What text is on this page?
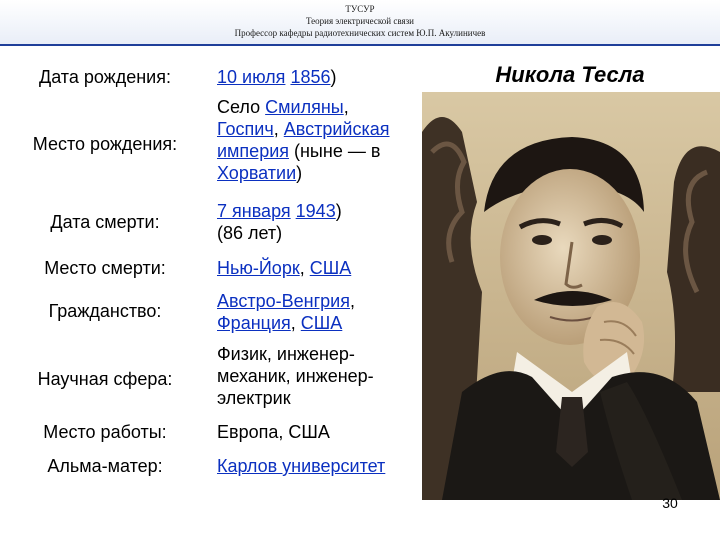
ТУСУР
Теория электрической связи
Профессор кафедры радиотехнических систем Ю.П. Акулиничев
Дата рождения:	10 июля 1856)
Место рождения:
Село Смиляны,
Госпич, Австрийская
империя (ныне — в
Хорватии)
Дата смерти:
7 января 1943)
(86 лет)
Место смерти:	Нью-Йорк, США
Гражданство:	Австро-Венгрия,
Франция, США
Научная сфера:
Физик, инженер-
механик, инженер-
электрик
Место работы:	Европа, США
Альма-матер:	Карлов университет
Никола Тесла
30
